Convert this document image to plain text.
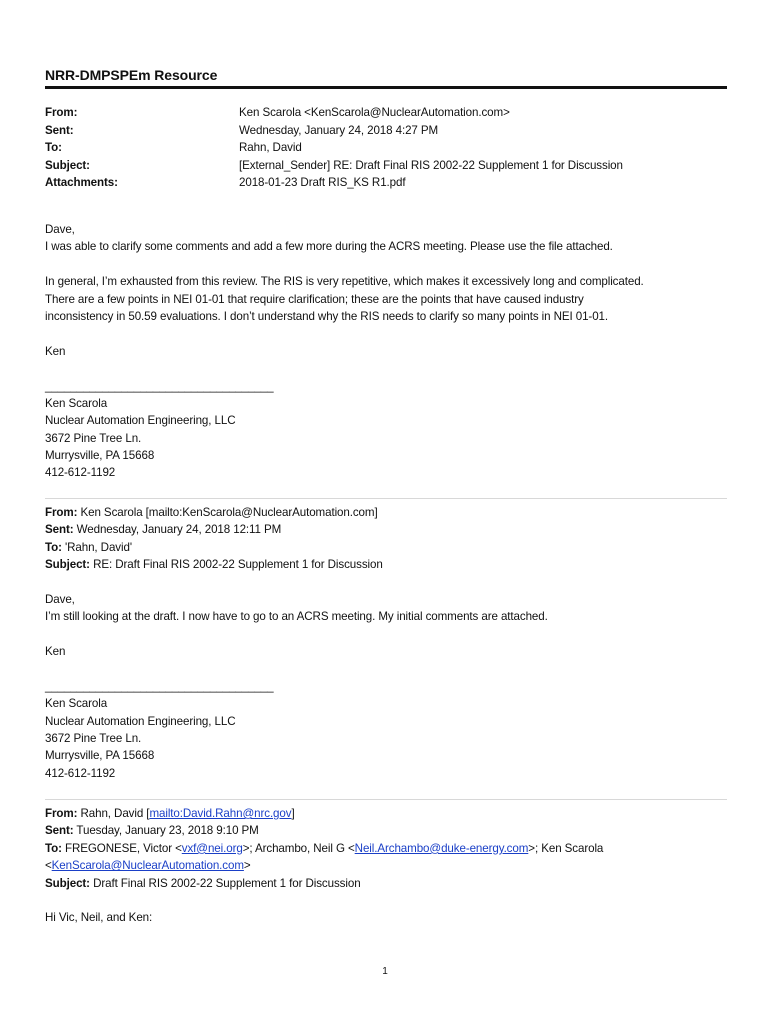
NRR-DMPSPEm Resource
From:	Ken Scarola <KenScarola@NuclearAutomation.com>
Sent:	Wednesday, January 24, 2018 4:27 PM
To:	Rahn, David
Subject:	[External_Sender] RE: Draft Final RIS 2002-22 Supplement 1 for Discussion
Attachments:	2018-01-23 Draft RIS_KS R1.pdf
Dave,
I was able to clarify some comments and add a few more during the ACRS meeting. Please use the file attached.
In general, I’m exhausted from this review. The RIS is very repetitive, which makes it excessively long and complicated.
There are a few points in NEI 01-01 that require clarification; these are the points that have caused industry
inconsistency in 50.59 evaluations. I don’t understand why the RIS needs to clarify so many points in NEI 01-01.
Ken
____________________________________
Ken Scarola
Nuclear Automation Engineering, LLC
3672 Pine Tree Ln.
Murrysville, PA 15668
412-612-1192
From: Ken Scarola [mailto:KenScarola@NuclearAutomation.com]
Sent: Wednesday, January 24, 2018 12:11 PM
To: 'Rahn, David'
Subject: RE: Draft Final RIS 2002-22 Supplement 1 for Discussion
Dave,
I’m still looking at the draft. I now have to go to an ACRS meeting. My initial comments are attached.
Ken
____________________________________
Ken Scarola
Nuclear Automation Engineering, LLC
3672 Pine Tree Ln.
Murrysville, PA 15668
412-612-1192
From: Rahn, David [mailto:David.Rahn@nrc.gov]
Sent: Tuesday, January 23, 2018 9:10 PM
To: FREGONESE, Victor <vxf@nei.org>; Archambo, Neil G <Neil.Archambo@duke-energy.com>; Ken Scarola
<KenScarola@NuclearAutomation.com>
Subject: Draft Final RIS 2002-22 Supplement 1 for Discussion
Hi Vic, Neil, and Ken:
1
